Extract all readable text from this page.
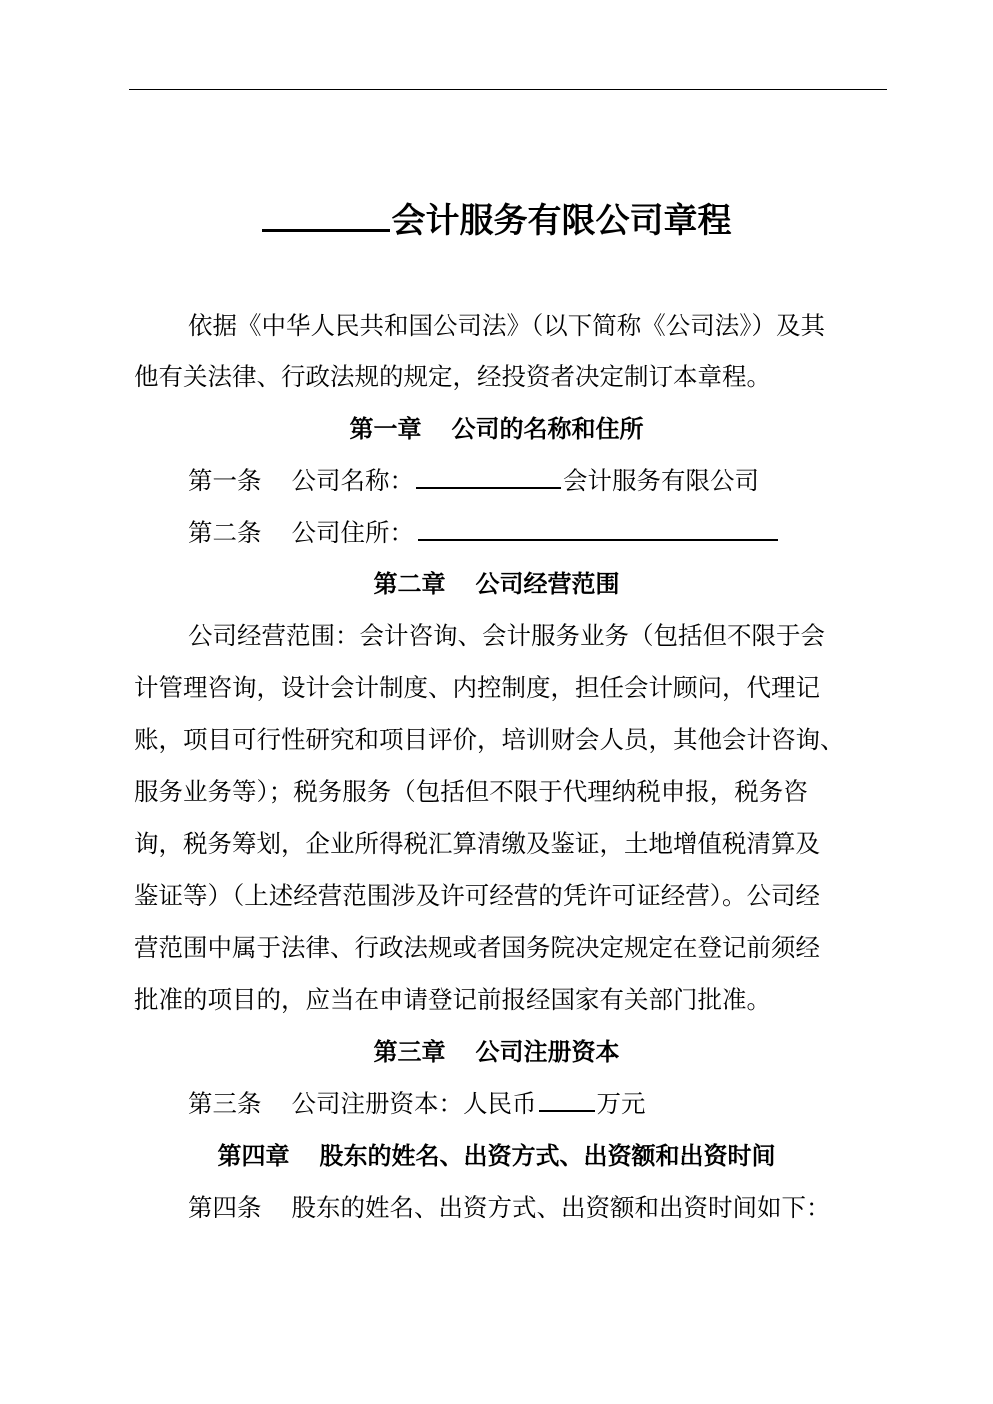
会计服务有限公司章程
依据《中华人民共和国公司法》（以下简称《公司法》）及其
他有关法律、行政法规的规定，经投资者决定制订本章程。
第一章 公司的名称和住所
第一条 公司名称：	会计服务有限公司
第二条 公司住所：
第二章 公司经营范围
公司经营范围：会计咨询、会计服务业务（包括但不限于会
计管理咨询，设计会计制度、内控制度，担任会计顾问，代理记
账，项目可行性研究和项目评价，培训财会人员，其他会计咨询、
服务业务等）；税务服务（包括但不限于代理纳税申报，税务咨
询，税务筹划，企业所得税汇算清缴及鉴证，土地增值税清算及
鉴证等）（上述经营范围涉及许可经营的凭许可证经营）。公司经
营范围中属于法律、行政法规或者国务院决定规定在登记前须经
批准的项目的，应当在申请登记前报经国家有关部门批准。
第三章 公司注册资本
第三条 公司注册资本：人民币 万元
第四章 股东的姓名、出资方式、出资额和出资时间
第四条 股东的姓名、出资方式、出资额和出资时间如下：
